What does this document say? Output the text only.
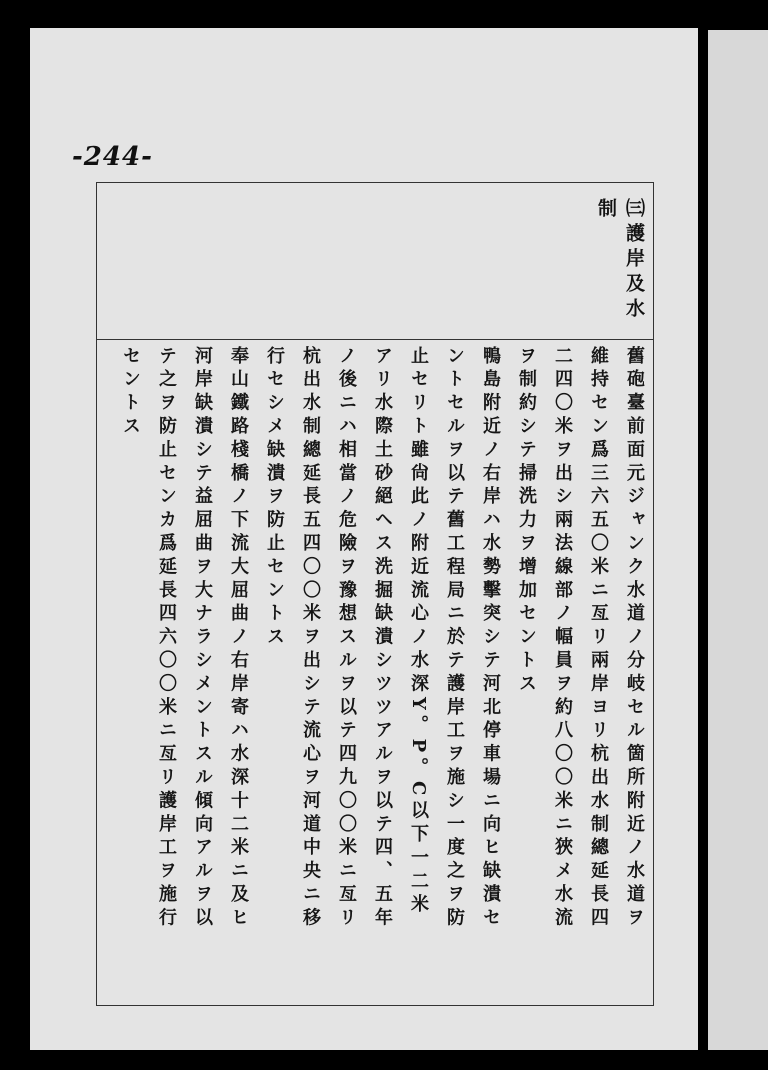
-244-
㈢護岸及水制

舊砲臺前面元ジャンク水道ノ分岐セル箇所附近ノ水道ヲ

維持セン爲三六五〇米ニ亙リ兩岸ヨリ杭出水制總延長四

二四〇米ヲ出シ兩法線部ノ幅員ヲ約八〇〇米ニ狹メ水流

ヲ制約シテ掃洗力ヲ增加セントス

鴨島附近ノ右岸ハ水勢擊突シテ河北停車場ニ向ヒ缺潰セ

ントセルヲ以テ舊工程局ニ於テ護岸工ヲ施シ一度之ヲ防

止セリト雖尙此ノ附近流心ノ水深Y。P。C以下一二米

アリ水際土砂絕ヘス洗掘缺潰シツツアルヲ以テ四、五年

ノ後ニハ相當ノ危險ヲ豫想スルヲ以テ四九〇〇米ニ亙リ

杭出水制總延長五四〇〇米ヲ出シテ流心ヲ河道中央ニ移

行セシメ缺潰ヲ防止セントス

奉山鐵路棧橋ノ下流大屈曲ノ右岸寄ハ水深十二米ニ及ヒ

河岸缺潰シテ益屈曲ヲ大ナラシメントスル傾向アルヲ以

テ之ヲ防止センカ爲延長四六〇〇米ニ亙リ護岸工ヲ施行

セントス
